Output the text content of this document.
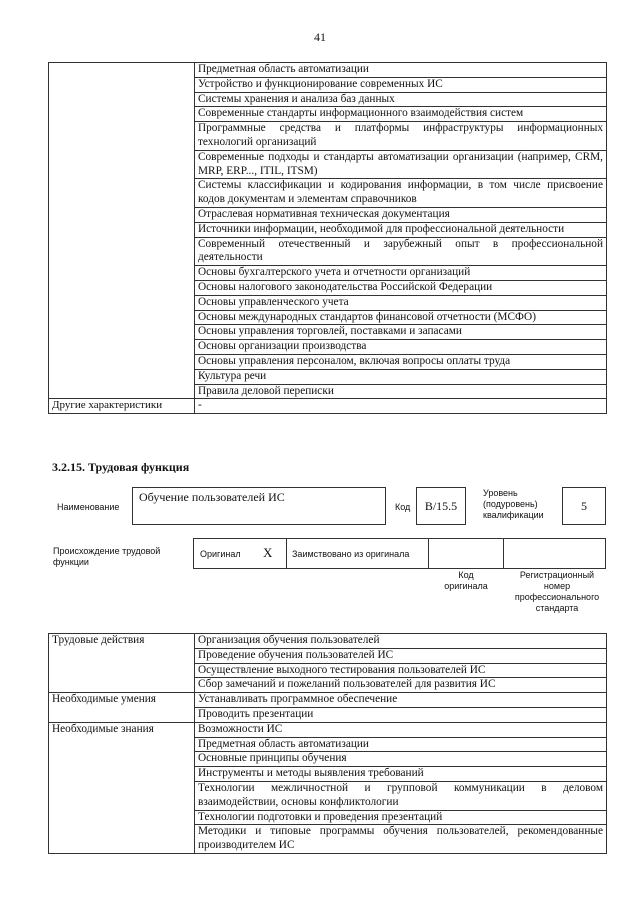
41
	Предметная область автоматизации
	Устройство и функционирование современных ИС
	Системы хранения и анализа баз данных
	Современные стандарты информационного взаимодействия систем
	Программные средства и платформы инфраструктуры информационных технологий организаций
	Современные подходы и стандарты автоматизации организации (например, CRM, MRP, ERP..., ITIL, ITSM)
	Системы классификации и кодирования информации, в том числе присвоение кодов документам и элементам справочников
	Отраслевая нормативная техническая документация
	Источники информации, необходимой для профессиональной деятельности
	Современный отечественный и зарубежный опыт в профессиональной деятельности
	Основы бухгалтерского учета и отчетности организаций
	Основы налогового законодательства Российской Федерации
	Основы управленческого учета
	Основы международных стандартов финансовой отчетности (МСФО)
	Основы управления торговлей, поставками и запасами
	Основы организации производства
	Основы управления персоналом, включая вопросы оплаты труда
	Культура речи
	Правила деловой переписки
Другие характеристики	-
3.2.15. Трудовая функция
Наименование
Обучение пользователей ИС
Код	В/15.5
Уровень (подуровень) квалификации
5
Происхождение трудовой функции
Оригинал X Заимствовано из оригинала
Код оригинала
Регистрационный номер профессионального стандарта
Трудовые действия	Организация обучения пользователей
	Проведение обучения пользователей ИС
	Осуществление выходного тестирования пользователей ИС
	Сбор замечаний и пожеланий пользователей для развития ИС
Необходимые умения	Устанавливать программное обеспечение
	Проводить презентации
Необходимые знания	Возможности ИС
	Предметная область автоматизации
	Основные принципы обучения
	Инструменты и методы выявления требований
	Технологии межличностной и групповой коммуникации в деловом взаимодействии, основы конфликтологии
	Технологии подготовки и проведения презентаций
	Методики и типовые программы обучения пользователей, рекомендованные производителем ИС
